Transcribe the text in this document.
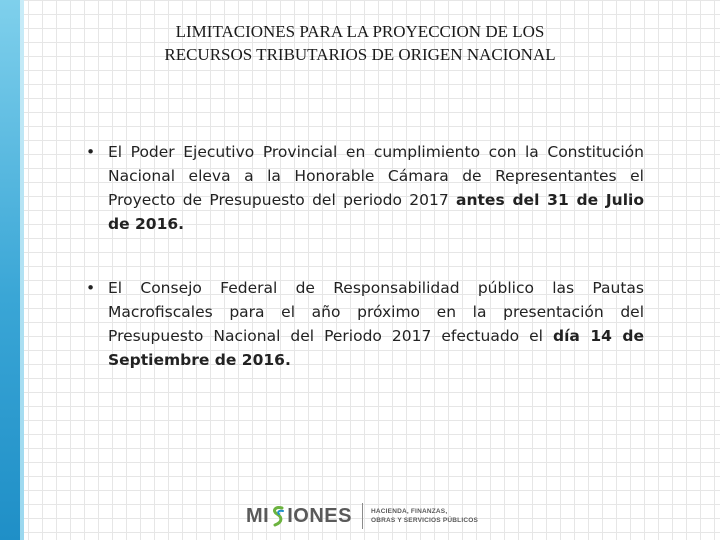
LIMITACIONES PARA LA PROYECCION DE LOS
RECURSOS TRIBUTARIOS DE ORIGEN NACIONAL
• El Poder Ejecutivo Provincial en cumplimiento con la Constitución Nacional eleva a la Honorable Cámara de Representantes el Proyecto de Presupuesto del periodo 2017 antes del 31 de Julio de 2016.
• El Consejo Federal de Responsabilidad público las Pautas Macrofiscales para el año próximo en la presentación del Presupuesto Nacional del Periodo 2017 efectuado el día 14 de Septiembre de 2016.
MI IONES	HACIENDA, FINANZAS,
OBRAS Y SERVICIOS PÚBLICOS
